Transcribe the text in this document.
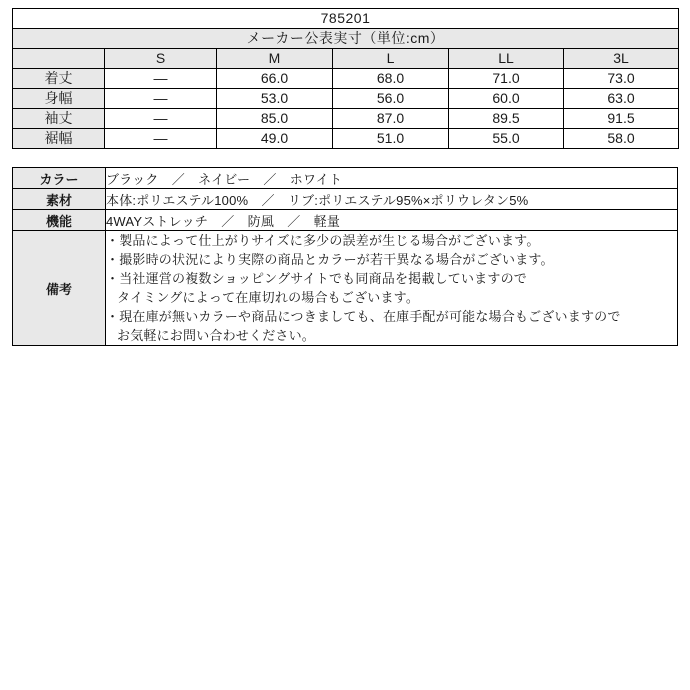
785201					
メーカー公表実寸（単位:cm）					
	S	M	L	LL	3L
着丈	—	66.0	68.0	71.0	73.0
身幅	—	53.0	56.0	60.0	63.0
袖丈	—	85.0	87.0	89.5	91.5
裾幅	—	49.0	51.0	55.0	58.0
カラー	ブラック　／　ネイビー　／　ホワイト
素材	本体:ポリエステル100%　／　リブ:ポリエステル95%×ポリウレタン5%
機能	4WAYストレッチ　／　防風　／　軽量
備考	
・製品によって仕上がりサイズに多少の誤差が生じる場合がございます。
・撮影時の状況により実際の商品とカラーが若干異なる場合がございます。
・当社運営の複数ショッピングサイトでも同商品を掲載していますので
タイミングによって在庫切れの場合もございます。
・現在庫が無いカラーや商品につきましても、在庫手配が可能な場合もございますので
お気軽にお問い合わせください。
